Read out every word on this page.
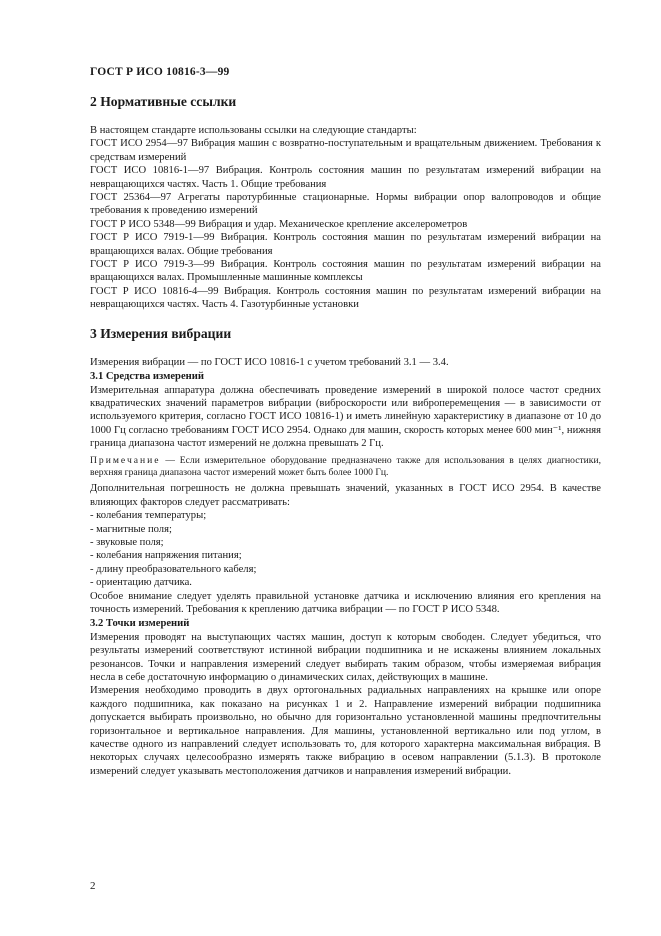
ГОСТ Р ИСО 10816-3—99
2 Нормативные ссылки

В настоящем стандарте использованы ссылки на следующие стандарты:

ГОСТ ИСО 2954—97 Вибрация машин с возвратно-поступательным и вращательным движением. Требования к средствам измерений

ГОСТ ИСО 10816-1—97 Вибрация. Контроль состояния машин по результатам измерений вибрации на невращающихся частях. Часть 1. Общие требования

ГОСТ 25364—97 Агрегаты паротурбинные стационарные. Нормы вибрации опор валопроводов и общие требования к проведению измерений

ГОСТ Р ИСО 5348—99 Вибрация и удар. Механическое крепление акселерометров

ГОСТ Р ИСО 7919-1—99 Вибрация. Контроль состояния машин по результатам измерений вибрации на вращающихся валах. Общие требования

ГОСТ Р ИСО 7919-3—99 Вибрация. Контроль состояния машин по результатам измерений вибрации на вращающихся валах. Промышленные машинные комплексы

ГОСТ Р ИСО 10816-4—99 Вибрация. Контроль состояния машин по результатам измерений вибрации на невращающихся частях. Часть 4. Газотурбинные установки

3 Измерения вибрации

Измерения вибрации — по ГОСТ ИСО 10816-1 с учетом требований 3.1 — 3.4.

3.1 Средства измерений

Измерительная аппаратура должна обеспечивать проведение измерений в широкой полосе частот средних квадратических значений параметров вибрации (виброскорости или виброперемещения — в зависимости от используемого критерия, согласно ГОСТ ИСО 10816-1) и иметь линейную характеристику в диапазоне от 10 до 1000 Гц согласно требованиям ГОСТ ИСО 2954. Однако для машин, скорость которых менее 600 мин⁻¹, нижняя граница диапазона частот измерений не должна превышать 2 Гц.

Примечание — Если измерительное оборудование предназначено также для использования в целях диагностики, верхняя граница диапазона частот измерений может быть более 1000 Гц.

Дополнительная погрешность не должна превышать значений, указанных в ГОСТ ИСО 2954. В качестве влияющих факторов следует рассматривать:

- колебания температуры;
- магнитные поля;
- звуковые поля;
- колебания напряжения питания;
- длину преобразовательного кабеля;
- ориентацию датчика.

Особое внимание следует уделять правильной установке датчика и исключению влияния его крепления на точность измерений. Требования к креплению датчика вибрации — по ГОСТ Р ИСО 5348.

3.2 Точки измерений

Измерения проводят на выступающих частях машин, доступ к которым свободен. Следует убедиться, что результаты измерений соответствуют истинной вибрации подшипника и не искажены влиянием локальных резонансов. Точки и направления измерений следует выбирать таким образом, чтобы измеряемая вибрация несла в себе достаточную информацию о динамических силах, действующих в машине.

Измерения необходимо проводить в двух ортогональных радиальных направлениях на крышке или опоре каждого подшипника, как показано на рисунках 1 и 2. Направление измерений вибрации подшипника допускается выбирать произвольно, но обычно для горизонтально установленной машины предпочтительны горизонтальное и вертикальное направления. Для машины, установленной вертикально или под углом, в качестве одного из направлений следует использовать то, для которого характерна максимальная вибрация. В некоторых случаях целесообразно измерять также вибрацию в осевом направлении (5.1.3). В протоколе измерений следует указывать местоположения датчиков и направления измерений вибрации.

2
